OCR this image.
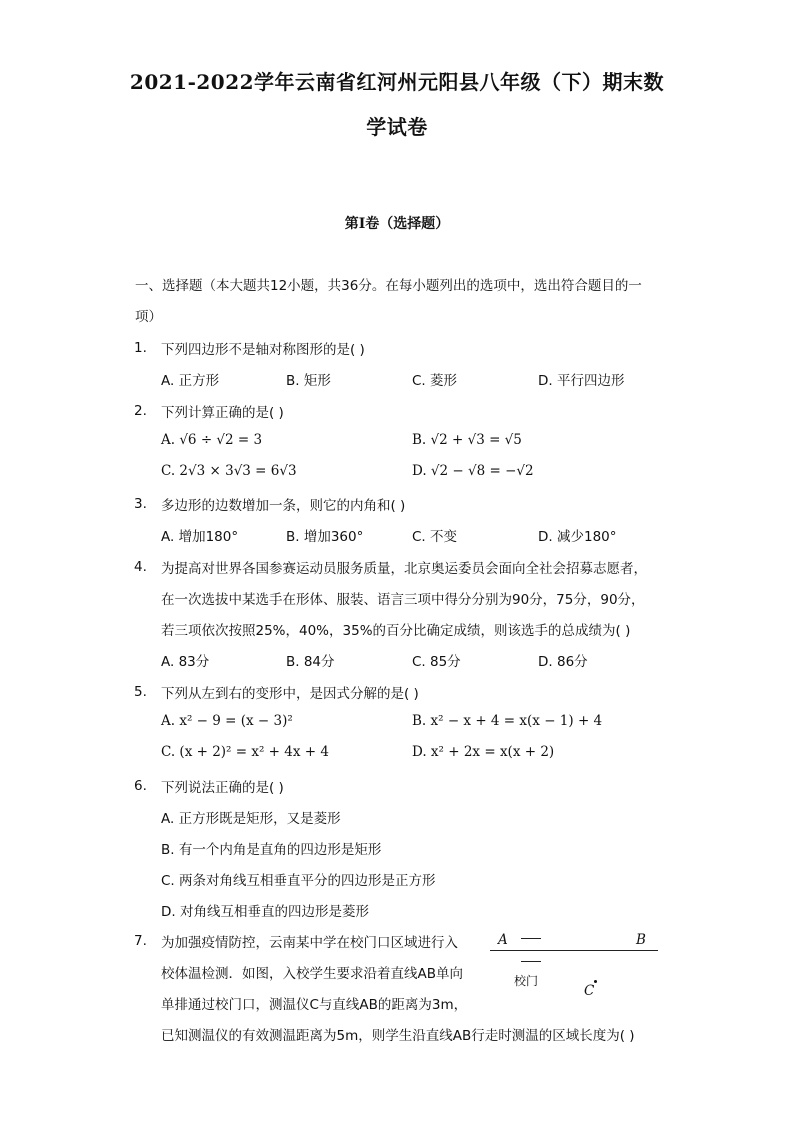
2021-2022学年云南省红河州元阳县八年级（下）期末数
学试卷
第I卷（选择题）
一、选择题（本大题共12小题，共36分。在每小题列出的选项中，选出符合题目的一
项）
1. 下列四边形不是轴对称图形的是( )
A. 正方形	B. 矩形	C. 菱形	D. 平行四边形
2. 下列计算正确的是( )
A. √6 ÷ √2 = 3	B. √2 + √3 = √5
C. 2√3 × 3√3 = 6√3	D. √2 − √8 = −√2
3. 多边形的边数增加一条，则它的内角和( )
A. 增加180°	B. 增加360°	C. 不变	D. 减少180°
4. 为提高对世界各国参赛运动员服务质量，北京奥运委员会面向全社会招募志愿者，
在一次选拔中某选手在形体、服装、语言三项中得分分别为90分，75分，90分，
若三项依次按照25%，40%，35%的百分比确定成绩，则该选手的总成绩为( )
A. 83分	B. 84分	C. 85分	D. 86分
5. 下列从左到右的变形中，是因式分解的是( )
A. x² − 9 = (x − 3)²	B. x² − x + 4 = x(x − 1) + 4
C. (x + 2)² = x² + 4x + 4	D. x² + 2x = x(x + 2)
6. 下列说法正确的是( )
A. 正方形既是矩形，又是菱形
B. 有一个内角是直角的四边形是矩形
C. 两条对角线互相垂直平分的四边形是正方形
D. 对角线互相垂直的四边形是菱形
7. 为加强疫情防控，云南某中学在校门口区域进行入
校体温检测．如图，入校学生要求沿着直线AB单向
单排通过校门口，测温仪C与直线AB的距离为3m，
已知测温仪的有效测温距离为5m，则学生沿直线AB行走时测温的区域长度为( )
A	B
校门
C
